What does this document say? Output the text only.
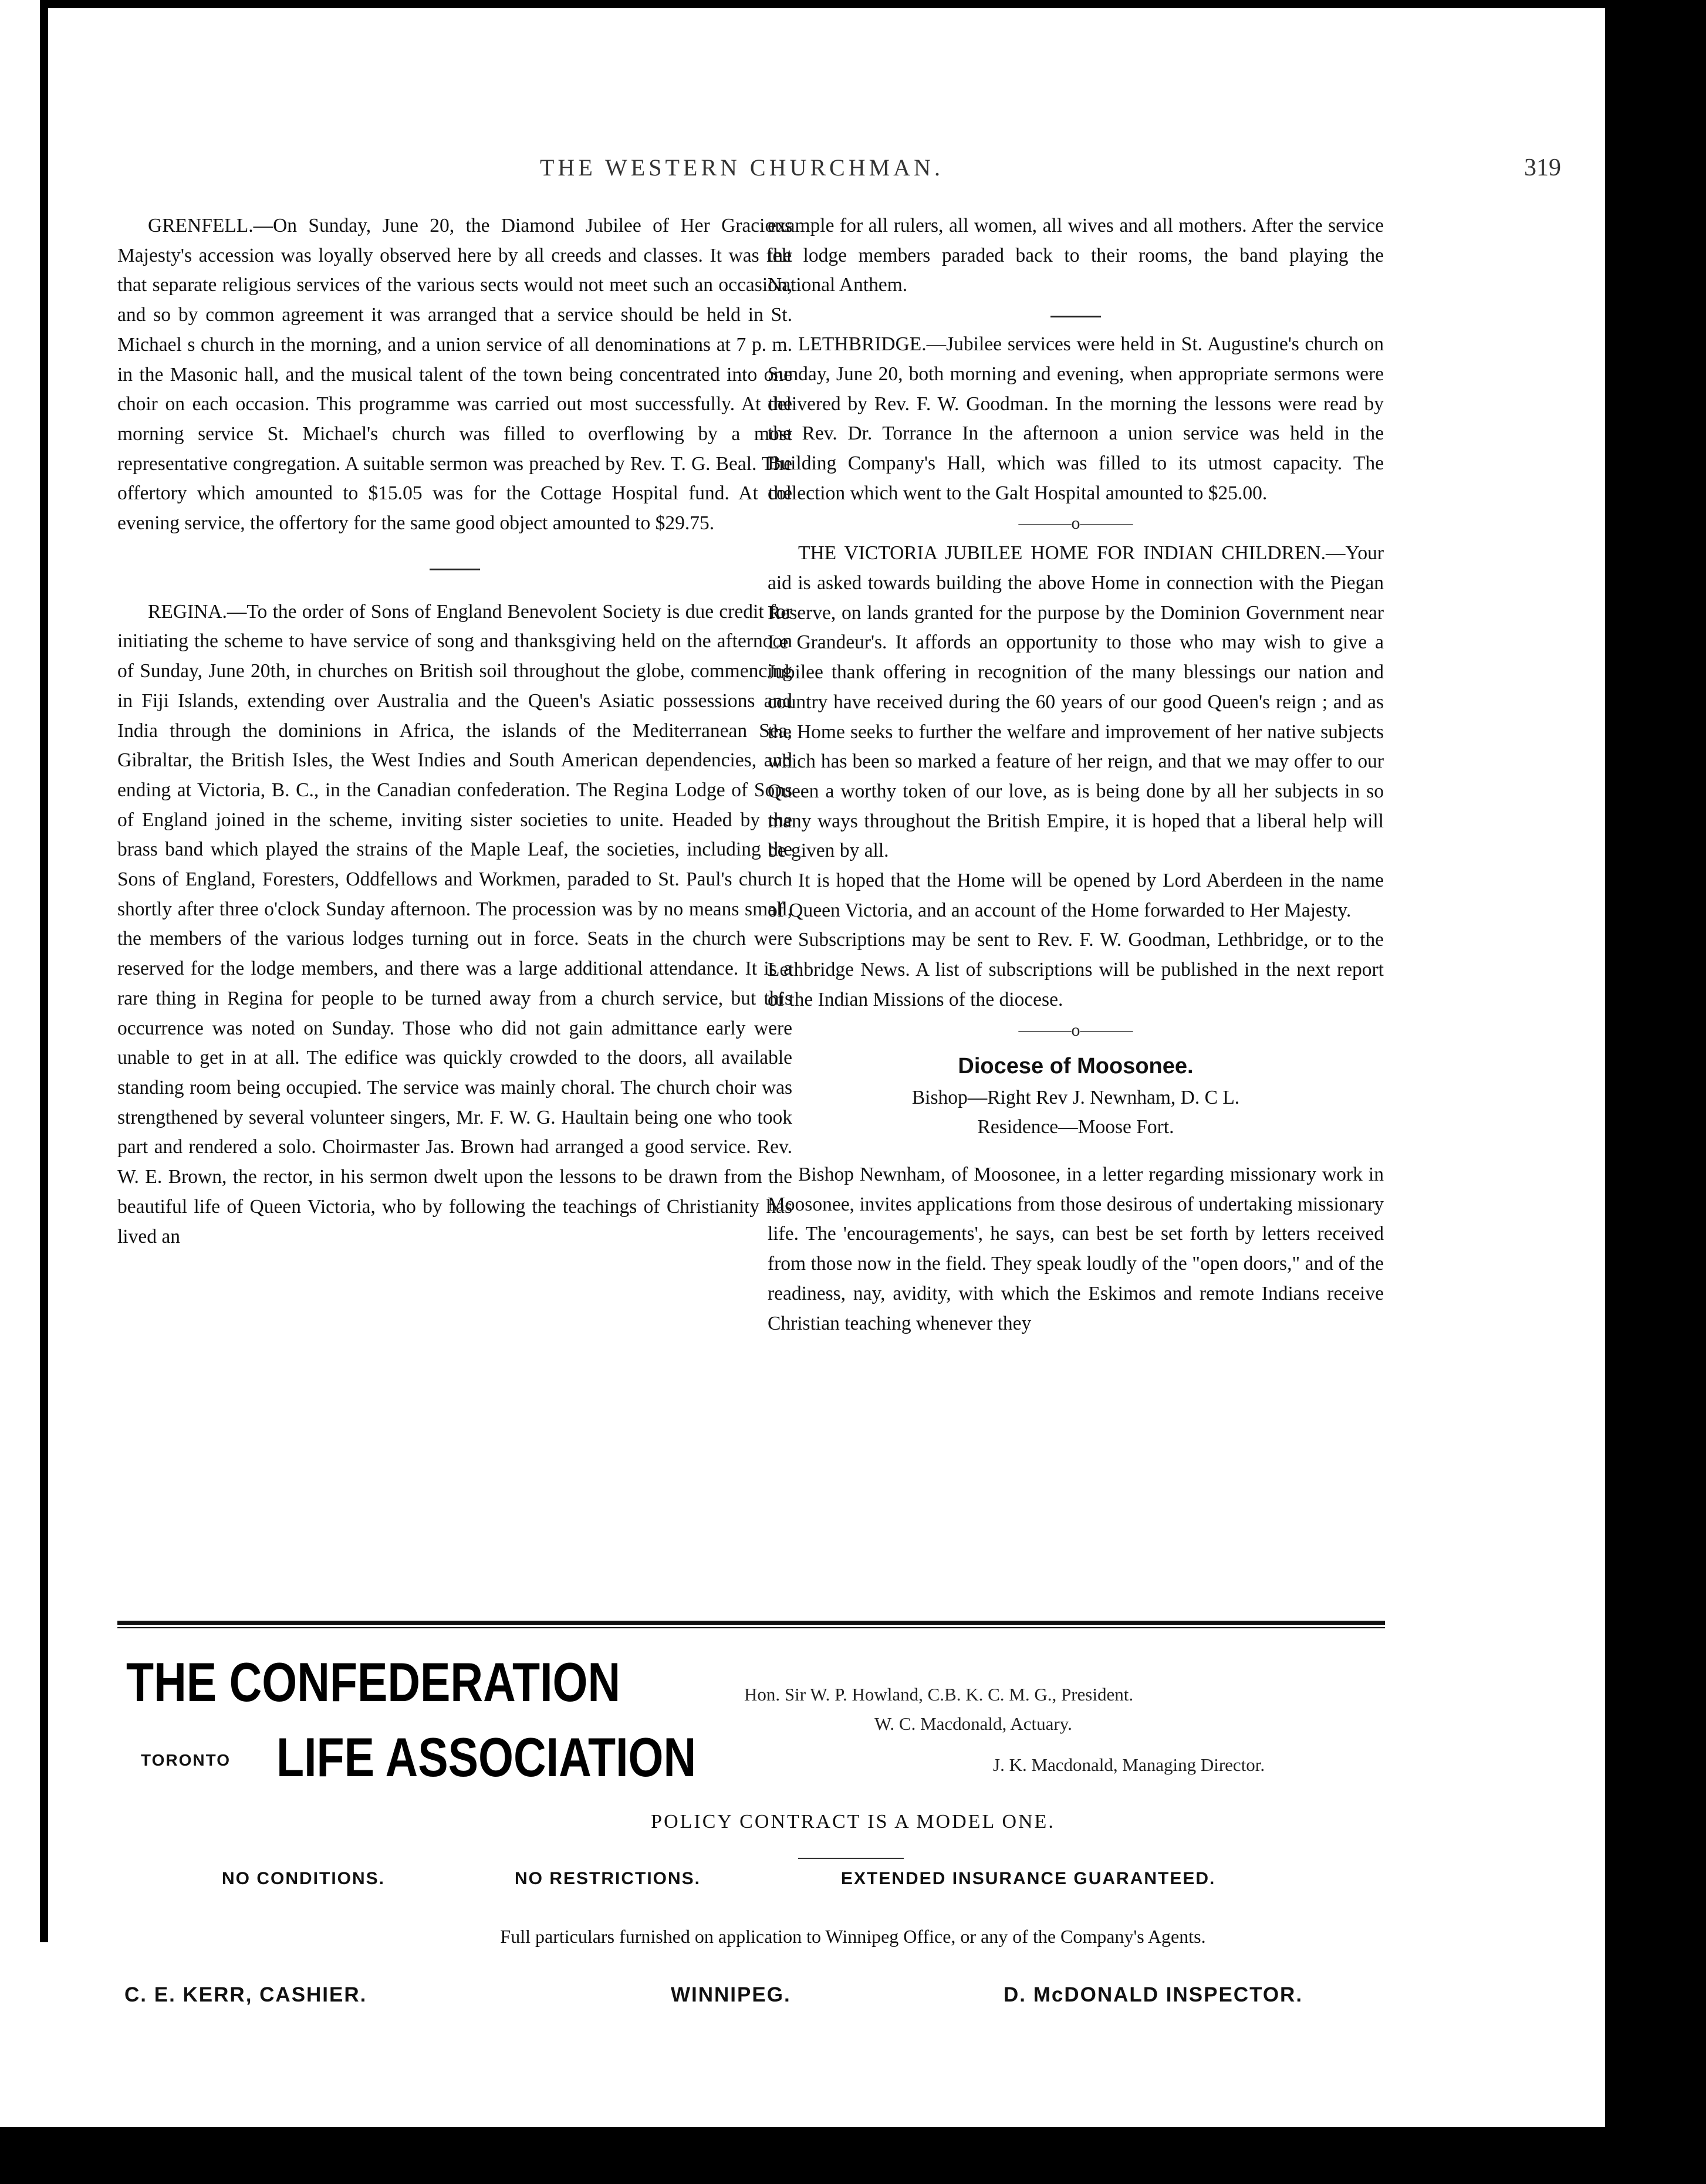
THE WESTERN CHURCHMAN.	319

GRENFELL.—On Sunday, June 20, the Diamond Jubilee of Her Gracious Majesty's accession was loyally observed here by all creeds and classes. It was felt that separate religious services of the various sects would not meet such an occasion, and so by common agreement it was arranged that a service should be held in St. Michael s church in the morning, and a union service of all denominations at 7 p. m. in the Masonic hall, and the musical talent of the town being concentrated into one choir on each occasion. This programme was carried out most successfully. At the morning service St. Michael's church was filled to overflowing by a most representative congregation. A suitable sermon was preached by Rev. T. G. Beal. The offertory which amounted to $15.05 was for the Cottage Hospital fund. At the evening service, the offertory for the same good object amounted to $29.75.

REGINA.—To the order of Sons of England Benevolent Society is due credit for initiating the scheme to have service of song and thanksgiving held on the afternoon of Sunday, June 20th, in churches on British soil throughout the globe, commencing in Fiji Islands, extending over Australia and the Queen's Asiatic possessions and India through the dominions in Africa, the islands of the Mediterranean Sea, Gibraltar, the British Isles, the West Indies and South American dependencies, and ending at Victoria, B. C., in the Canadian confederation. The Regina Lodge of Sons of England joined in the scheme, inviting sister societies to unite. Headed by the brass band which played the strains of the Maple Leaf, the societies, including the Sons of England, Foresters, Oddfellows and Workmen, paraded to St. Paul's church shortly after three o'clock Sunday afternoon. The procession was by no means small, the members of the various lodges turning out in force. Seats in the church were reserved for the lodge members, and there was a large additional attendance. It is a rare thing in Regina for people to be turned away from a church service, but this occurrence was noted on Sunday. Those who did not gain admittance early were unable to get in at all. The edifice was quickly crowded to the doors, all available standing room being occupied. The service was mainly choral. The church choir was strengthened by several volunteer singers, Mr. F. W. G. Haultain being one who took part and rendered a solo. Choirmaster Jas. Brown had arranged a good service. Rev. W. E. Brown, the rector, in his sermon dwelt upon the lessons to be drawn from the beautiful life of Queen Victoria, who by following the teachings of Christianity has lived an

example for all rulers, all women, all wives and all mothers. After the service the lodge members paraded back to their rooms, the band playing the National Anthem.

LETHBRIDGE.—Jubilee services were held in St. Augustine's church on Sunday, June 20, both morning and evening, when appropriate sermons were delivered by Rev. F. W. Goodman. In the morning the lessons were read by the Rev. Dr. Torrance In the afternoon a union service was held in the Building Company's Hall, which was filled to its utmost capacity. The collection which went to the Galt Hospital amounted to $25.00.

———o———

THE VICTORIA JUBILEE HOME FOR INDIAN CHILDREN.—Your aid is asked towards building the above Home in connection with the Piegan Reserve, on lands granted for the purpose by the Dominion Government near Le Grandeur's. It affords an opportunity to those who may wish to give a Jubilee thank offering in recognition of the many blessings our nation and country have received during the 60 years of our good Queen's reign ; and as the Home seeks to further the welfare and improvement of her native subjects which has been so marked a feature of her reign, and that we may offer to our Queen a worthy token of our love, as is being done by all her subjects in so many ways throughout the British Empire, it is hoped that a liberal help will be given by all.

It is hoped that the Home will be opened by Lord Aberdeen in the name of Queen Victoria, and an account of the Home forwarded to Her Majesty.

Subscriptions may be sent to Rev. F. W. Goodman, Lethbridge, or to the Lethbridge News. A list of subscriptions will be published in the next report of the Indian Missions of the diocese.

———o———
Diocese of Moosonee.
Bishop—Right Rev J. Newnham, D. C L.
Residence—Moose Fort.

Bishop Newnham, of Moosonee, in a letter regarding missionary work in Moosonee, invites applications from those desirous of undertaking missionary life. The 'encouragements', he says, can best be set forth by letters received from those now in the field. They speak loudly of the "open doors," and of the readiness, nay, avidity, with which the Eskimos and remote Indians receive Christian teaching whenever they

THE CONFEDERATION
TORONTO LIFE ASSOCIATION
Hon. Sir W. P. Howland, C.B. K. C. M. G., President.
W. C. Macdonald, Actuary.
J. K. Macdonald, Managing Director.
POLICY CONTRACT IS A MODEL ONE.
NO CONDITIONS.	NO RESTRICTIONS.	EXTENDED INSURANCE GUARANTEED.
Full particulars furnished on application to Winnipeg Office, or any of the Company's Agents.
C. E. KERR, CASHIER.	WINNIPEG.	D. McDONALD INSPECTOR.
